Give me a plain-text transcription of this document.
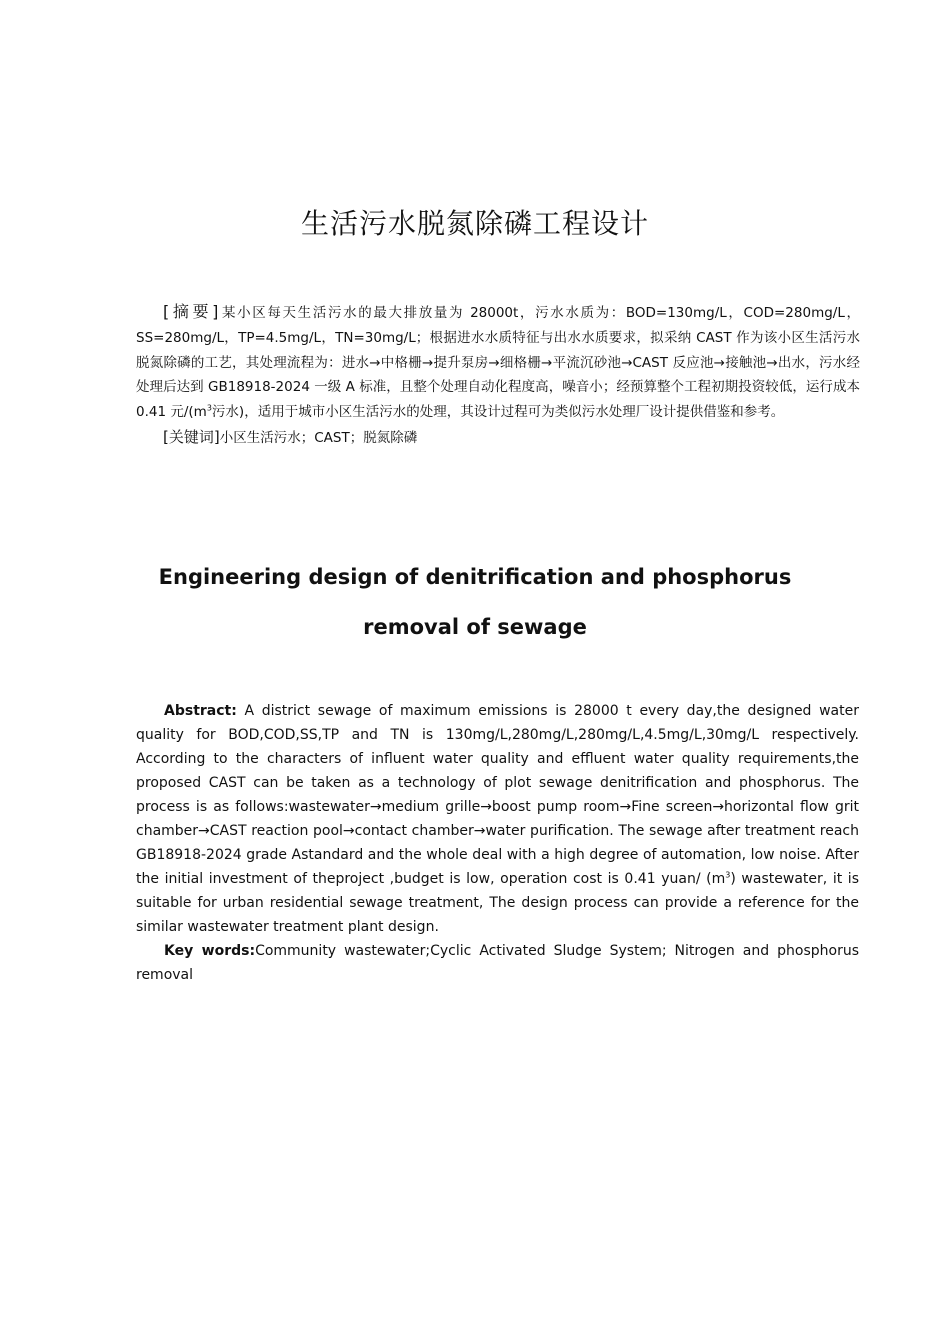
生活污水脱氮除磷工程设计

[摘要]某小区每天生活污水的最大排放量为 28000t，污水水质为：BOD=130mg/L，COD=280mg/L，SS=280mg/L，TP=4.5mg/L，TN=30mg/L；根据进水水质特征与出水水质要求，拟采纳 CAST 作为该小区生活污水脱氮除磷的工艺，其处理流程为：进水→中格栅→提升泵房→细格栅→平流沉砂池→CAST 反应池→接触池→出水，污水经处理后达到 GB18918-2024 一级 A 标准，且整个处理自动化程度高，噪音小；经预算整个工程初期投资较低，运行成本 0.41 元$/(m^3$污水)，适用于城市小区生活污水的处理，其设计过程可为类似污水处理厂设计提供借鉴和参考。

[关键词]小区生活污水；CAST；脱氮除磷

Engineering design of denitrification and phosphorus
removal of sewage

Abstract: A district sewage of maximum emissions is 28000 t every day,the designed water quality for BOD,COD,SS,TP and TN is 130mg/L,280mg/L,280mg/L,4.5mg/L,30mg/L respectively. According to the characters of influent water quality and effluent water quality requirements,the proposed CAST can be taken as a technology of plot sewage denitrification and phosphorus. The process is as follows:wastewater→medium grille→boost pump room→Fine screen→horizontal flow grit chamber→CAST reaction pool→contact chamber→water purification. The sewage after treatment reach GB18918-2024 grade Astandard and the whole deal with a high degree of automation, low noise. After the initial investment of theproject ,budget is low, operation cost is 0.41 yuan/ $(m^3)$ wastewater, it is suitable for urban residential sewage treatment, The design process can provide a reference for the similar wastewater treatment plant design.

Key words:Community wastewater;Cyclic Activated Sludge System; Nitrogen and phosphorus removal
